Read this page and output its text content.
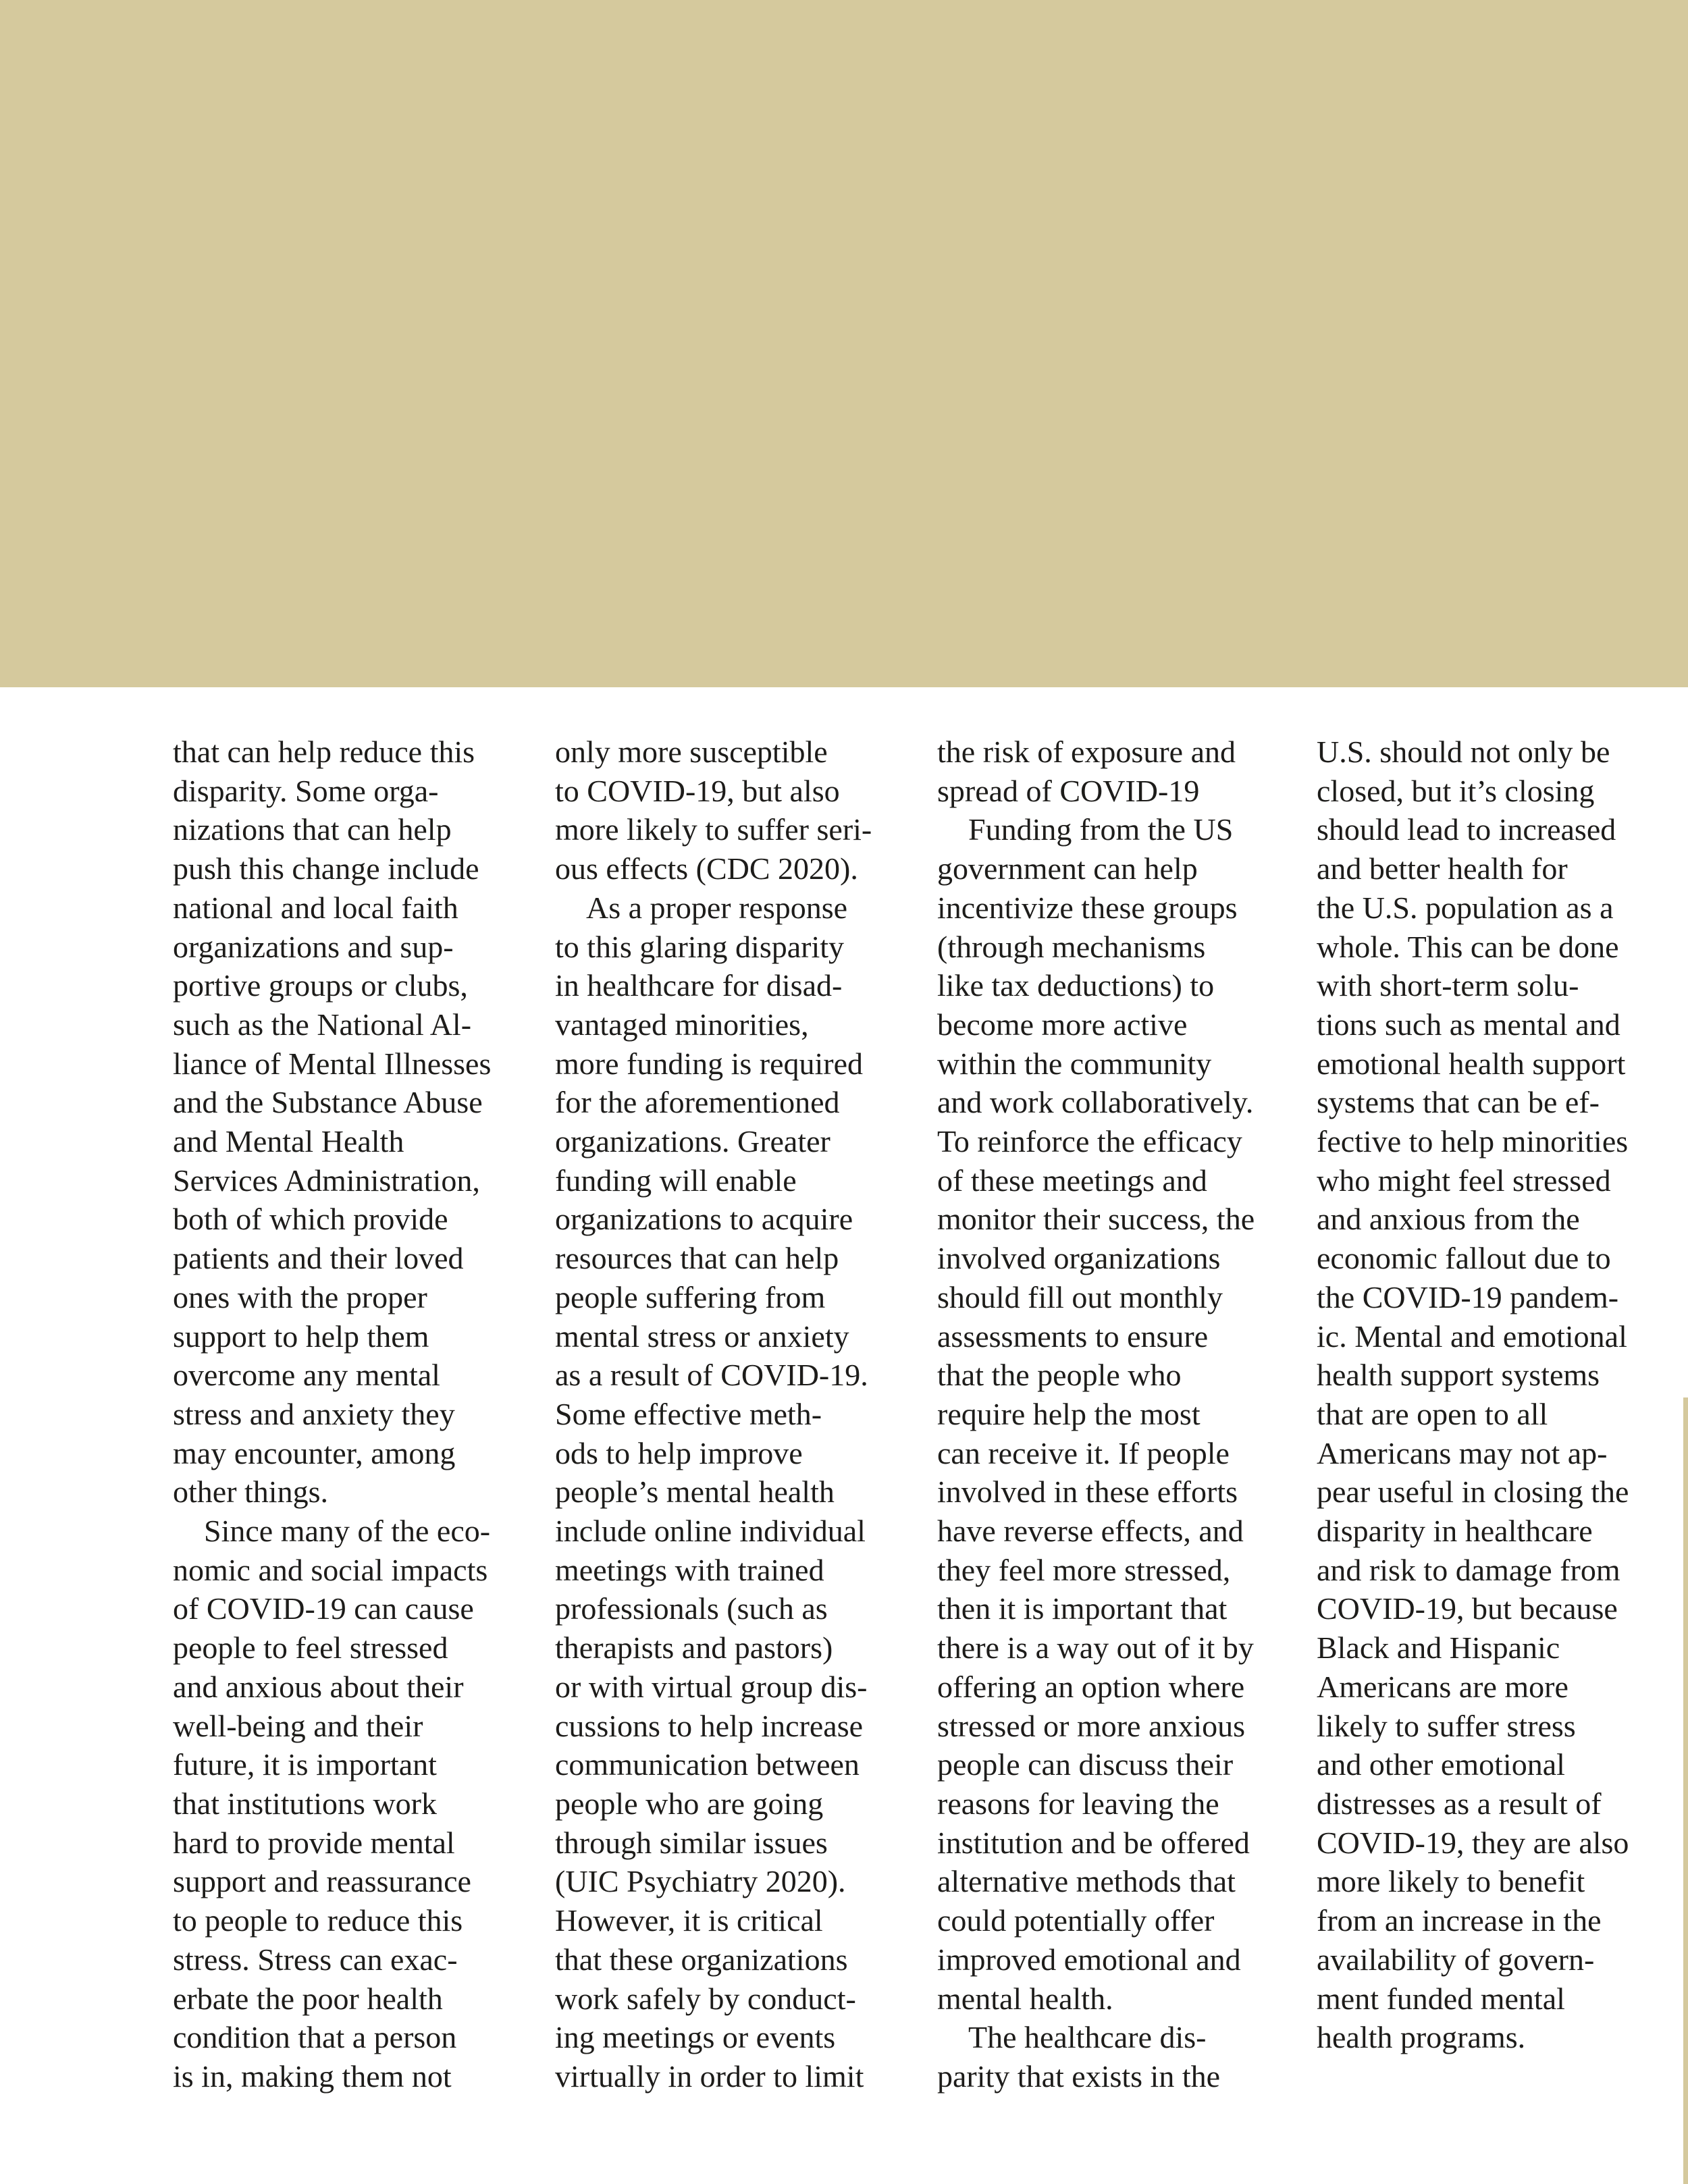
that can help reduce this
disparity. Some orga-
nizations that can help
push this change include
national and local faith
organizations and sup-
portive groups or clubs,
such as the National Al-
liance of Mental Illnesses
and the Substance Abuse
and Mental Health
Services Administration,
both of which provide
patients and their loved
ones with the proper
support to help them
overcome any mental
stress and anxiety they
may encounter, among
other things.
Since many of the eco-
nomic and social impacts
of COVID-19 can cause
people to feel stressed
and anxious about their
well-being and their
future, it is important
that institutions work
hard to provide mental
support and reassurance
to people to reduce this
stress. Stress can exac-
erbate the poor health
condition that a person
is in, making them not
only more susceptible
to COVID-19, but also
more likely to suffer seri-
ous effects (CDC 2020).
As a proper response
to this glaring disparity
in healthcare for disad-
vantaged minorities,
more funding is required
for the aforementioned
organizations. Greater
funding will enable
organizations to acquire
resources that can help
people suffering from
mental stress or anxiety
as a result of COVID-19.
Some effective meth-
ods to help improve
people’s mental health
include online individual
meetings with trained
professionals (such as
therapists and pastors)
or with virtual group dis-
cussions to help increase
communication between
people who are going
through similar issues
(UIC Psychiatry 2020).
However, it is critical
that these organizations
work safely by conduct-
ing meetings or events
virtually in order to limit
the risk of exposure and
spread of COVID-19
Funding from the US
government can help
incentivize these groups
(through mechanisms
like tax deductions) to
become more active
within the community
and work collaboratively.
To reinforce the efficacy
of these meetings and
monitor their success, the
involved organizations
should fill out monthly
assessments to ensure
that the people who
require help the most
can receive it. If people
involved in these efforts
have reverse effects, and
they feel more stressed,
then it is important that
there is a way out of it by
offering an option where
stressed or more anxious
people can discuss their
reasons for leaving the
institution and be offered
alternative methods that
could potentially offer
improved emotional and
mental health.
The healthcare dis-
parity that exists in the
U.S. should not only be
closed, but it’s closing
should lead to increased
and better health for
the U.S. population as a
whole. This can be done
with short-term solu-
tions such as mental and
emotional health support
systems that can be ef-
fective to help minorities
who might feel stressed
and anxious from the
economic fallout due to
the COVID-19 pandem-
ic. Mental and emotional
health support systems
that are open to all
Americans may not ap-
pear useful in closing the
disparity in healthcare
and risk to damage from
COVID-19, but because
Black and Hispanic
Americans are more
likely to suffer stress
and other emotional
distresses as a result of
COVID-19, they are also
more likely to benefit
from an increase in the
availability of govern-
ment funded mental
health programs.
